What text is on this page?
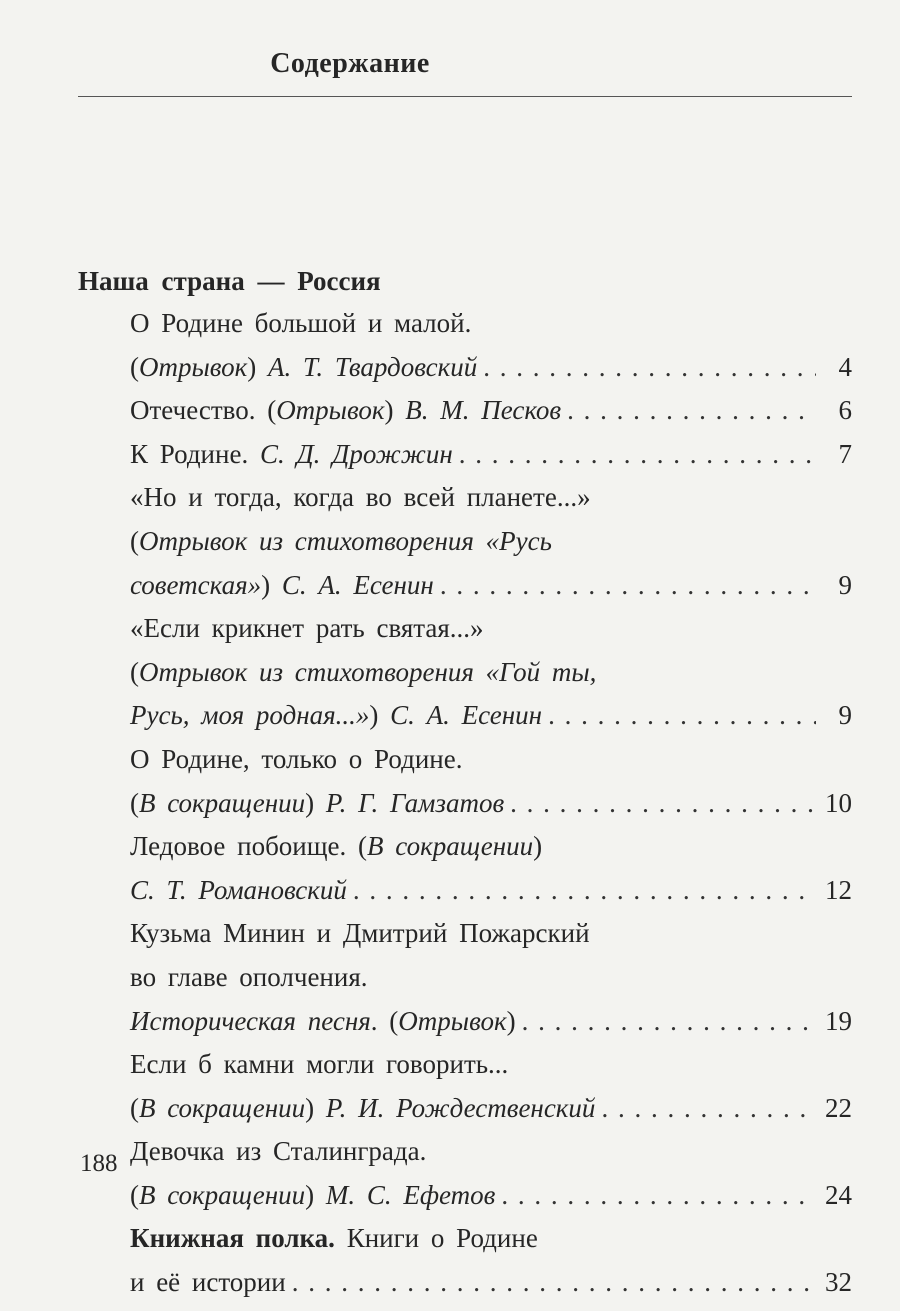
Содержание
Наша страна — Россия
О Родине большой и малой.
(Отрывок) А. Т. Твардовский . . .	4
Отечество. (Отрывок) В. М. Песков . . .	6
К Родине. С. Д. Дрожжин . . .	7
«Но и тогда, когда во всей планете...»
(Отрывок из стихотворения «Русь
советская») С. А. Есенин . . .	9
«Если крикнет рать святая...»
(Отрывок из стихотворения «Гой ты,
Русь, моя родная...») С. А. Есенин . . .	9
О Родине, только о Родине.
(В сокращении) Р. Г. Гамзатов . . .	10
Ледовое побоище. (В сокращении)
С. Т. Романовский . . .	12
Кузьма Минин и Дмитрий Пожарский
во главе ополчения.
Историческая песня. (Отрывок) . . .	19
Если б камни могли говорить...
(В сокращении) Р. И. Рождественский . . .	22
Девочка из Сталинграда.
(В сокращении) М. С. Ефетов . . .	24
Книжная полка. Книги о Родине
и её истории . . .	32
188
